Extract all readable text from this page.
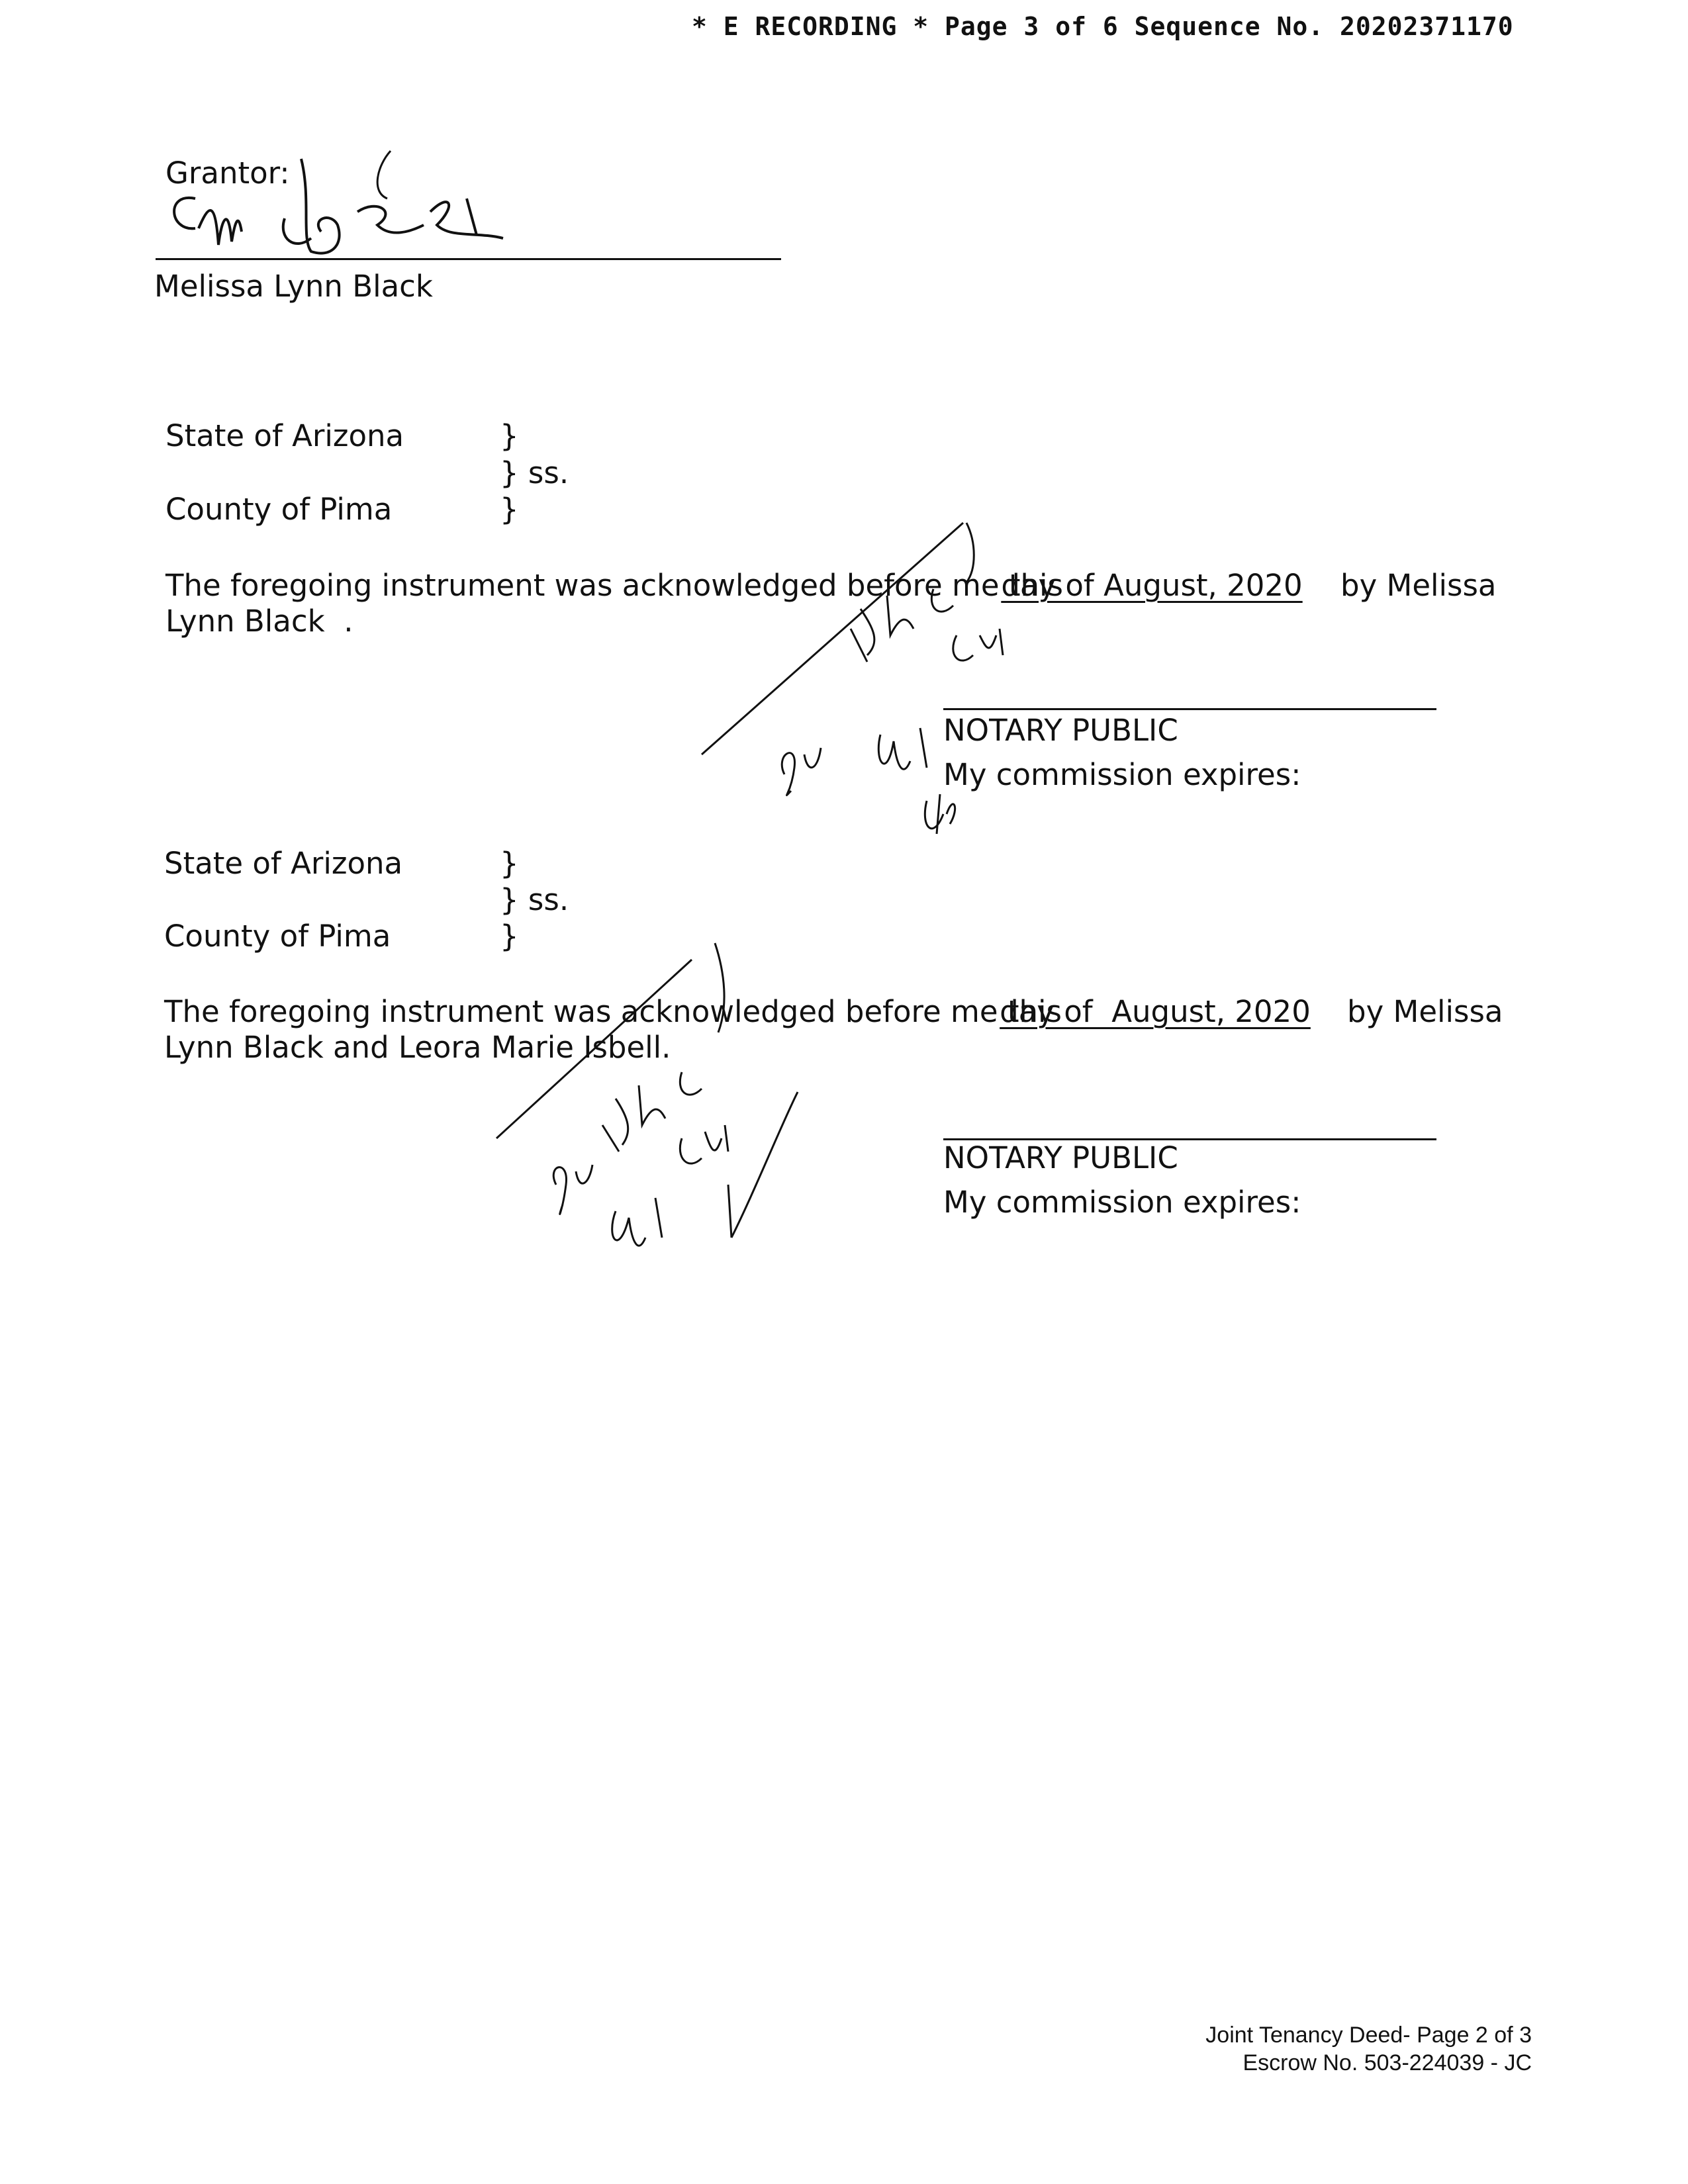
* E RECORDING * Page 3 of 6 Sequence No. 20202371170
Grantor:
Melissa Lynn Black
State of Arizona
County of Pima
}
} ss.
}
The foregoing instrument was acknowledged before me this
day of August, 2020	by Melissa
Lynn Black  .
NOTARY PUBLIC
My commission expires:
State of Arizona
County of Pima
}
} ss.
}
The foregoing instrument was acknowledged before me this
day of  August, 2020	by Melissa
Lynn Black and Leora Marie Isbell.
NOTARY PUBLIC
My commission expires:
Joint Tenancy Deed- Page 2 of 3
Escrow No. 503-224039 - JC
